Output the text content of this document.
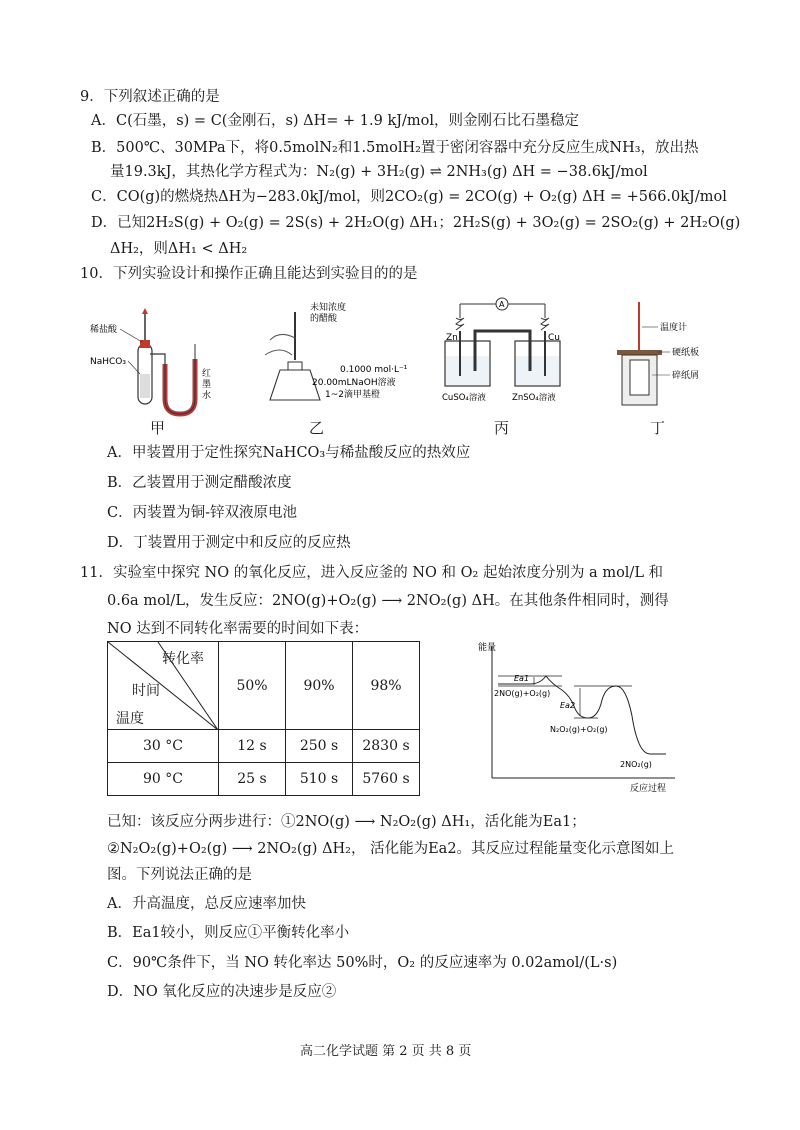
9．下列叙述正确的是
A．C(石墨，s) = C(金刚石，s) ΔH= + 1.9 kJ/mol，则金刚石比石墨稳定
B．500℃、30MPa下，将0.5molN₂和1.5molH₂置于密闭容器中充分反应生成NH₃，放出热
量19.3kJ，其热化学方程式为：N₂(g) + 3H₂(g) ⇌ 2NH₃(g) ΔH = −38.6kJ/mol
C．CO(g)的燃烧热ΔH为−283.0kJ/mol，则2CO₂(g) = 2CO(g) + O₂(g) ΔH = +566.0kJ/mol
D．已知2H₂S(g) + O₂(g) = 2S(s) + 2H₂O(g) ΔH₁；2H₂S(g) + 3O₂(g) = 2SO₂(g) + 2H₂O(g)
ΔH₂，则ΔH₁ < ΔH₂
10．下列实验设计和操作正确且能达到实验目的的是
稀盐酸
NaHCO₃
红
墨
水
甲
未知浓度
的醋酸
0.1000 mol·L⁻¹
20.00mLNaOH溶液
1~2滴甲基橙
乙
A
Zn	Cu
CuSO₄溶液	ZnSO₄溶液
丙
温度计
硬纸板
碎纸屑
丁
A．甲装置用于定性探究NaHCO₃与稀盐酸反应的热效应
B．乙装置用于测定醋酸浓度
C．丙装置为铜-锌双液原电池
D．丁装置用于测定中和反应的反应热
11．实验室中探究 NO 的氧化反应，进入反应釜的 NO 和 O₂ 起始浓度分别为 a mol/L 和
0.6a mol/L，发生反应：2NO(g)+O₂(g) ⟶ 2NO₂(g) ΔH。在其他条件相同时，测得
NO 达到不同转化率需要的时间如下表：
转化率
时间
温度	50%	90%	98%
30 °C	12 s	250 s	2830 s
90 °C	25 s	510 s	5760 s
能量
反应过程
Ea1
Ea2
2NO(g)+O₂(g)
N₂O₂(g)+O₂(g)
2NO₂(g)
已知：该反应分两步进行：①2NO(g) ⟶ N₂O₂(g) ΔH₁，活化能为Ea1；
②N₂O₂(g)+O₂(g) ⟶ 2NO₂(g) ΔH₂， 活化能为Ea2。其反应过程能量变化示意图如上
图。下列说法正确的是
A．升高温度，总反应速率加快
B．Ea1较小，则反应①平衡转化率小
C．90℃条件下，当 NO 转化率达 50%时，O₂ 的反应速率为 0.02amol/(L·s)
D．NO 氧化反应的决速步是反应②
高二化学试题 第 2 页 共 8 页
